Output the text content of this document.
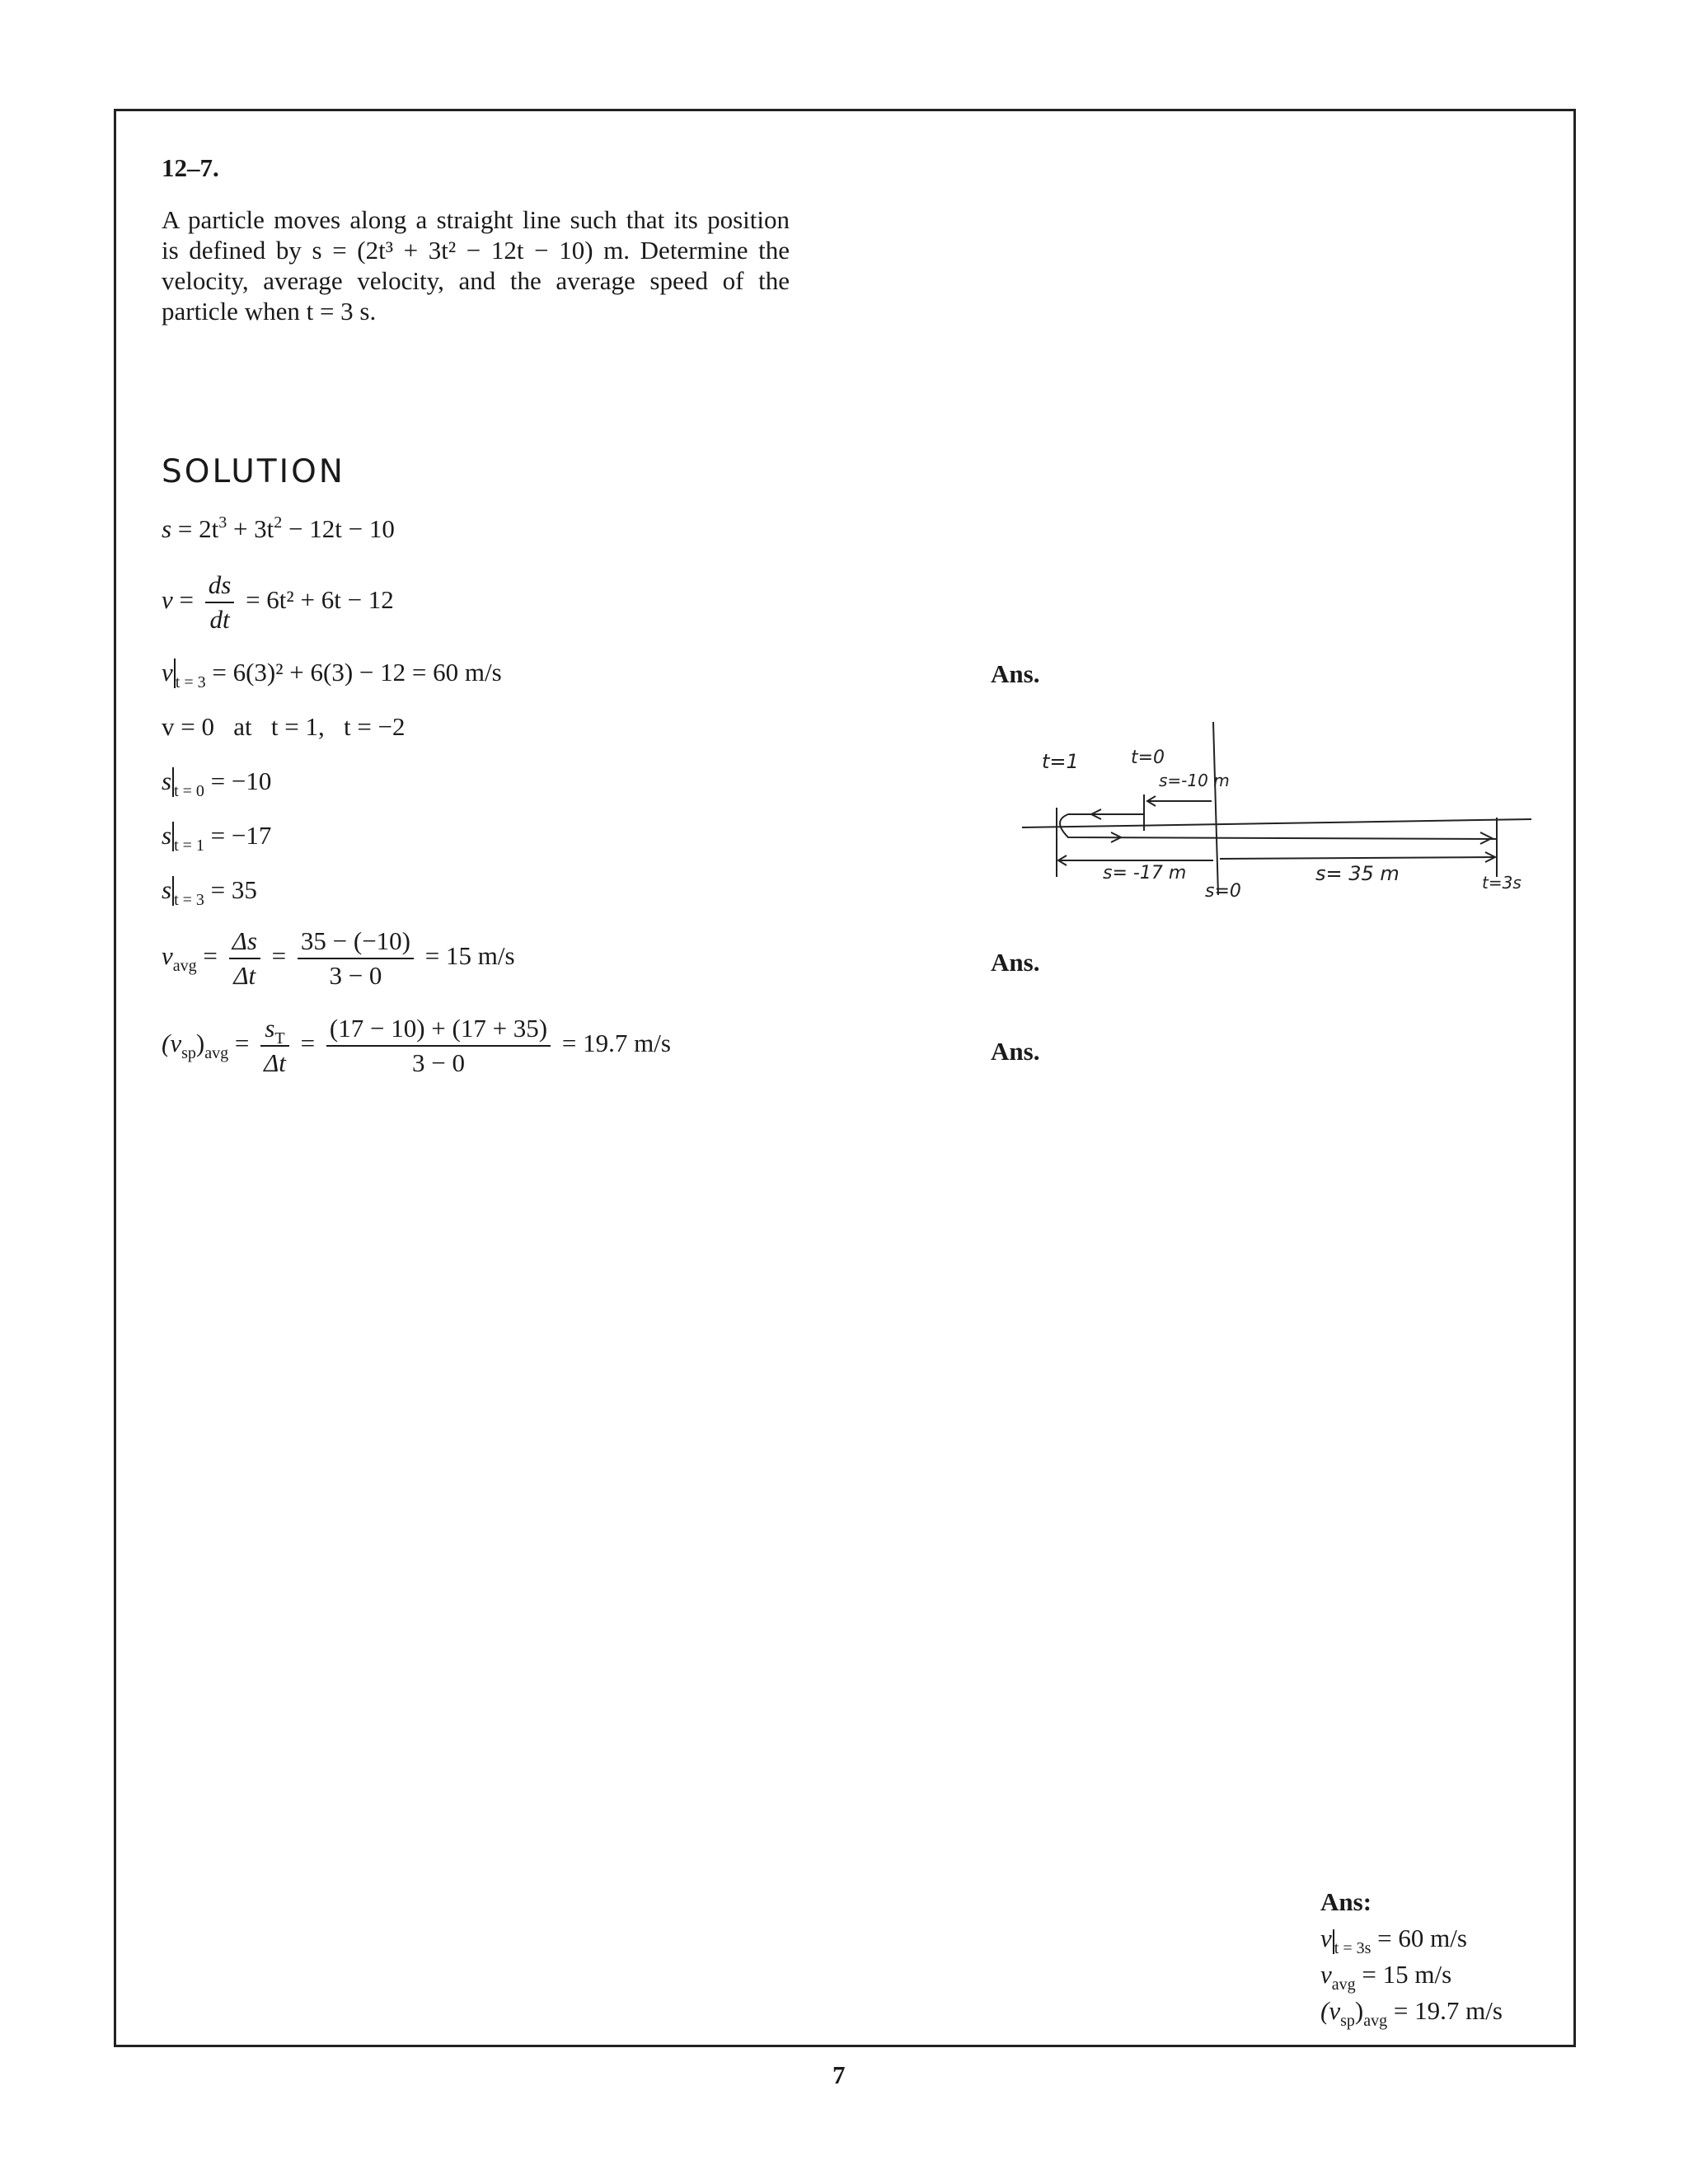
12–7.
A particle moves along a straight line such that its position
is defined by s = (2t³ + 3t² − 12t − 10) m. Determine the
velocity, average velocity, and the average speed of the
particle when t = 3 s.
SOLUTION
$s = 2t^3 + 3t^2 - 12t - 10$
$v = \frac{ds}{dt} = 6t^2 + 6t - 12$
v $_{t = 3}$ = 6(3)² + 6(3) − 12 = 60 m/s	Ans.
v = 0   at   t = 1,   t = −2
s $_{t = 0}$ = −10
s $_{t = 1}$ = −17
s $_{t = 3}$ = 35
$v_{avg} = \frac{\Delta s}{\Delta t} = \frac{35 - (-10)}{3 - 0} = 15$ m/s	Ans.
$(v_{sp})_{avg} = \frac{s_T}{\Delta t} = \frac{(17 - 10) + (17 + 35)}{3 - 0} = 19.7$ m/s	Ans.
t=1	t=0
s=-10 m
s= -17 m
s=0
s= 35 m	t=3s
Ans:
v $_{t = 3s}$ = 60 m/s
$v_{avg} = 15$ m/s
$(v_{sp})_{avg} = 19.7$ m/s
7
